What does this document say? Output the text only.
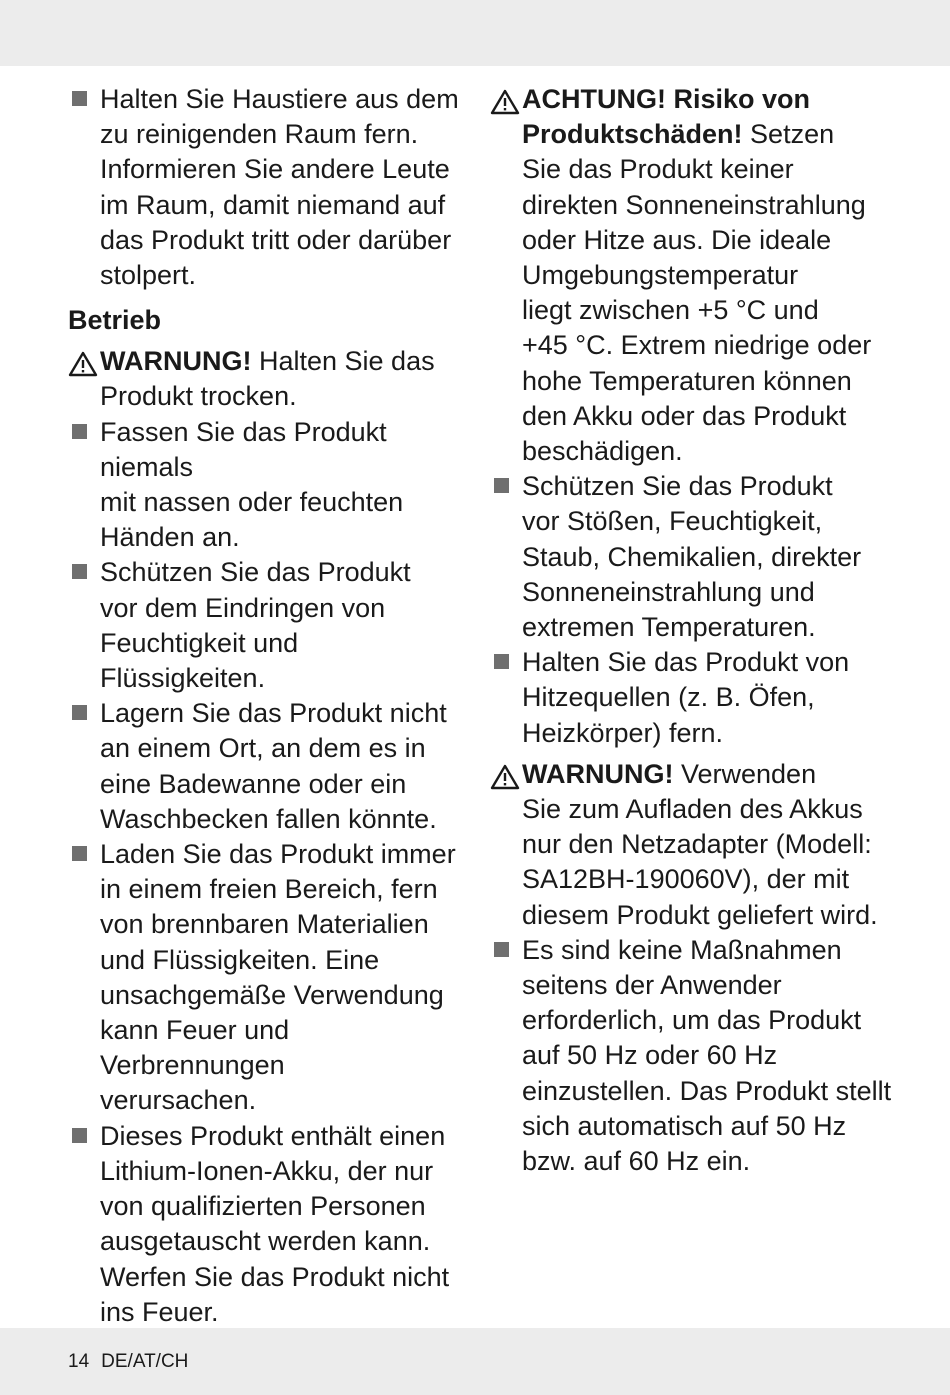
Halten Sie Haustiere aus dem
zu reinigenden Raum fern.
Informieren Sie andere Leute
im Raum, damit niemand auf
das Produkt tritt oder darüber
stolpert.
Betrieb
WARNUNG! Halten Sie das
Produkt trocken.
Fassen Sie das Produkt niemals
mit nassen oder feuchten
Händen an.
Schützen Sie das Produkt
vor dem Eindringen von
Feuchtigkeit und Flüssigkeiten.
Lagern Sie das Produkt nicht
an einem Ort, an dem es in
eine Badewanne oder ein
Waschbecken fallen könnte.
Laden Sie das Produkt immer
in einem freien Bereich, fern
von brennbaren Materialien
und Flüssigkeiten. Eine
unsachgemäße Verwendung
kann Feuer und Verbrennungen
verursachen.
Dieses Produkt enthält einen
Lithium-Ionen-Akku, der nur
von qualifizierten Personen
ausgetauscht werden kann.
Werfen Sie das Produkt nicht
ins Feuer.
ACHTUNG! Risiko von
Produktschäden! Setzen
Sie das Produkt keiner
direkten Sonneneinstrahlung
oder Hitze aus. Die ideale
Umgebungstemperatur
liegt zwischen +5 °C und
+45 °C. Extrem niedrige oder
hohe Temperaturen können
den Akku oder das Produkt
beschädigen.
Schützen Sie das Produkt
vor Stößen, Feuchtigkeit,
Staub, Chemikalien, direkter
Sonneneinstrahlung und
extremen Temperaturen.
Halten Sie das Produkt von
Hitzequellen (z. B. Öfen,
Heizkörper) fern.
WARNUNG! Verwenden
Sie zum Aufladen des Akkus
nur den Netzadapter (Modell:
SA12BH-190060V), der mit
diesem Produkt geliefert wird.
Es sind keine Maßnahmen
seitens der Anwender
erforderlich, um das Produkt
auf 50 Hz oder 60 Hz
einzustellen. Das Produkt stellt
sich automatisch auf 50 Hz
bzw. auf 60 Hz ein.
14 DE/AT/CH
